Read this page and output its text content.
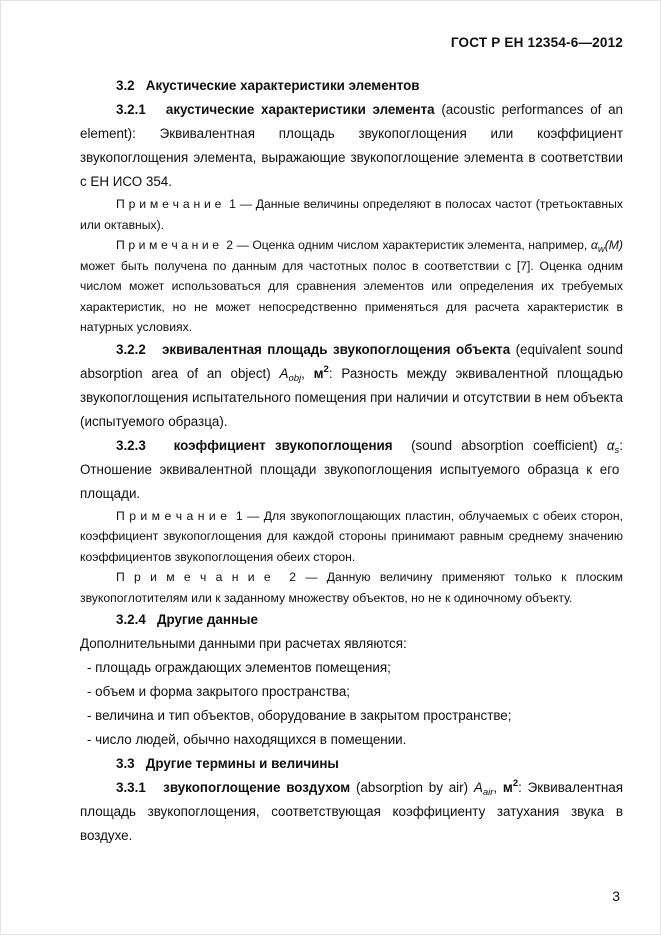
ГОСТ Р ЕН 12354-6—2012

3.2   Акустические характеристики элементов

3.2.1   акустические характеристики элемента (acoustic performances of an element): Эквивалентная площадь звукопоглощения или коэффициент звукопоглощения элемента, выражающие звукопоглощение элемента в соответствии с ЕН ИСО 354.

П р и м е ч а н и е  1 — Данные величины определяют в полосах частот (третьоктавных или октавных).

П р и м е ч а н и е  2 — Оценка одним числом характеристик элемента, например, $\alpha_w(M)$ может быть получена по данным для частотных полос в соответствии с [7]. Оценка одним числом может использоваться для сравнения элементов или определения их требуемых характеристик, но не может непосредственно применяться для расчета характеристик в натурных условиях.

3.2.2   эквивалентная площадь звукопоглощения объекта (equivalent sound absorption area of an object) $A_{obj}$, $м^2$: Разность между эквивалентной площадью звукопоглощения испытательного помещения при наличии и отсутствии в нем объекта (испытуемого образца).

3.2.3   коэффициент звукопоглощения  (sound absorption coefficient) $\alpha_s$: Отношение эквивалентной площади звукопоглощения испытуемого образца к его  площади.

П р и м е ч а н и е  1 — Для звукопоглощающих пластин, облучаемых с обеих сторон, коэффициент звукопоглощения для каждой стороны принимают равным среднему значению коэффициентов звукопоглощения обеих сторон.

П р и м е ч а н и е  2 — Данную величину применяют только к плоским звукопоглотителям или к заданному множеству объектов, но не к одиночному объекту.

3.2.4   Другие данные

Дополнительными данными при расчетах являются:

- площадь ограждающих элементов помещения;

- объем и форма закрытого пространства;

- величина и тип объектов, оборудование в закрытом пространстве;

- число людей, обычно находящихся в помещении.

3.3   Другие термины и величины

3.3.1   звукопоглощение воздухом (absorption by air) $A_{air}$, $м^2$: Эквивалентная площадь звукопоглощения, соответствующая коэффициенту затухания звука в воздухе.

3
